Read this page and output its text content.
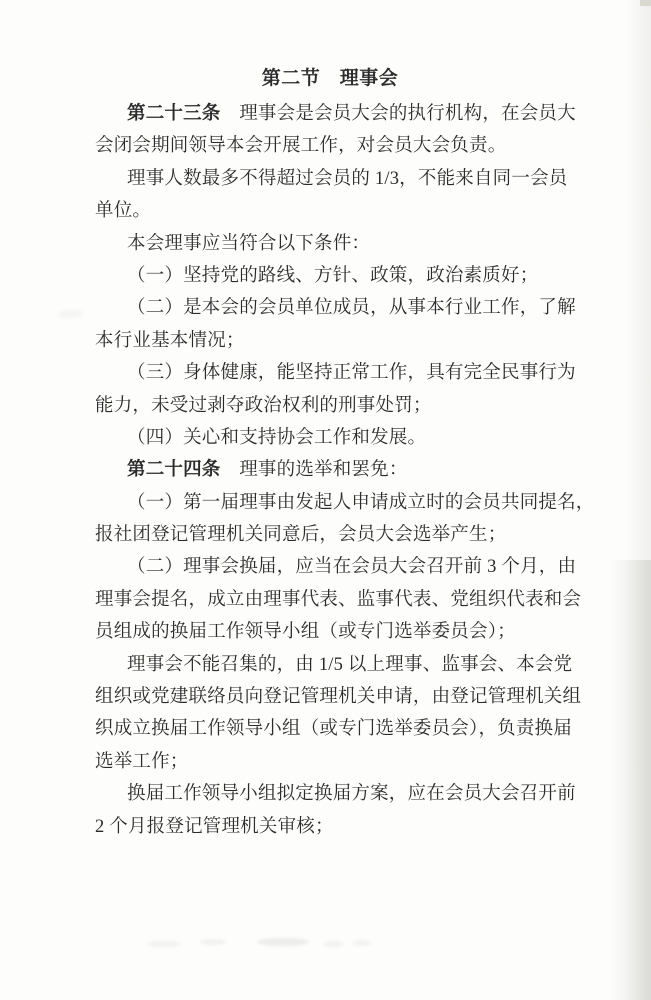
第二节　理事会
第二十三条　理事会是会员大会的执行机构，在会员大
会闭会期间领导本会开展工作，对会员大会负责。
理事人数最多不得超过会员的 1/3，不能来自同一会员
单位。
本会理事应当符合以下条件：
（一）坚持党的路线、方针、政策，政治素质好；
（二）是本会的会员单位成员，从事本行业工作，了解
本行业基本情况；
（三）身体健康，能坚持正常工作，具有完全民事行为
能力，未受过剥夺政治权利的刑事处罚；
（四）关心和支持协会工作和发展。
第二十四条　理事的选举和罢免：
（一）第一届理事由发起人申请成立时的会员共同提名，
报社团登记管理机关同意后，会员大会选举产生；
（二）理事会换届，应当在会员大会召开前 3 个月，由
理事会提名，成立由理事代表、监事代表、党组织代表和会
员组成的换届工作领导小组（或专门选举委员会）；
理事会不能召集的，由 1/5 以上理事、监事会、本会党
组织或党建联络员向登记管理机关申请，由登记管理机关组
织成立换届工作领导小组（或专门选举委员会），负责换届
选举工作；
换届工作领导小组拟定换届方案，应在会员大会召开前
2 个月报登记管理机关审核；
